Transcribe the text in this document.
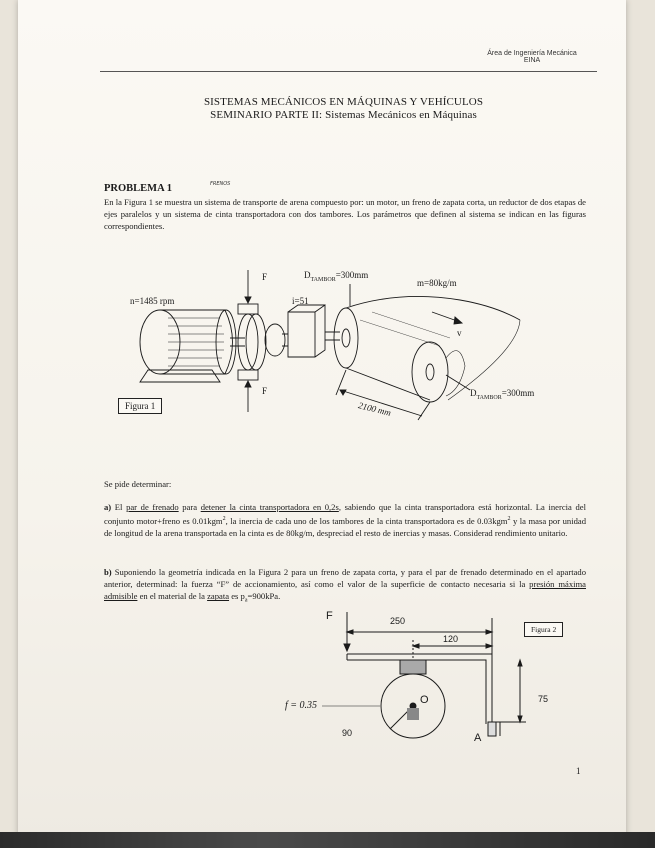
Área de Ingeniería Mecánica
EINA
SISTEMAS MECÁNICOS EN MÁQUINAS Y VEHÍCULOS
SEMINARIO PARTE II: Sistemas Mecánicos en Máquinas
PROBLEMA 1	FRENOS
En la Figura 1 se muestra un sistema de transporte de arena compuesto por: un motor, un freno de zapata corta, un reductor de dos etapas de ejes paralelos y un sistema de cinta transportadora con dos tambores. Los parámetros que definen al sistema se indican en las figuras correspondientes.
F
F
n=1485 rpm	i=51
$D_{TAMBOR}=300mm$
m=80kg/m
v
$D_{TAMBOR}=300mm$
2100 mm
Figura 1
Se pide determinar:
a) El par de frenado para detener la cinta transportadora en 0,2s, sabiendo que la cinta transportadora está horizontal. La inercia del conjunto motor+freno es 0.01kgm$^2$, la inercia de cada uno de los tambores de la cinta transportadora es de 0.03kgm$^2$ y la masa por unidad de longitud de la arena transportada en la cinta es de 80kg/m, despreciad el resto de inercias y masas. Considerad rendimiento unitario.
b) Suponiendo la geometría indicada en la Figura 2 para un freno de zapata corta, y para el par de frenado determinado en el apartado anterior, determinad: la fuerza “F” de accionamiento, así como el valor de la superficie de contacto necesaria si la presión máxima admisible en el material de la zapata es $p_a=900kPa$.
F	250
120
75
90
f = 0.35	O
A
Figura 2
1
